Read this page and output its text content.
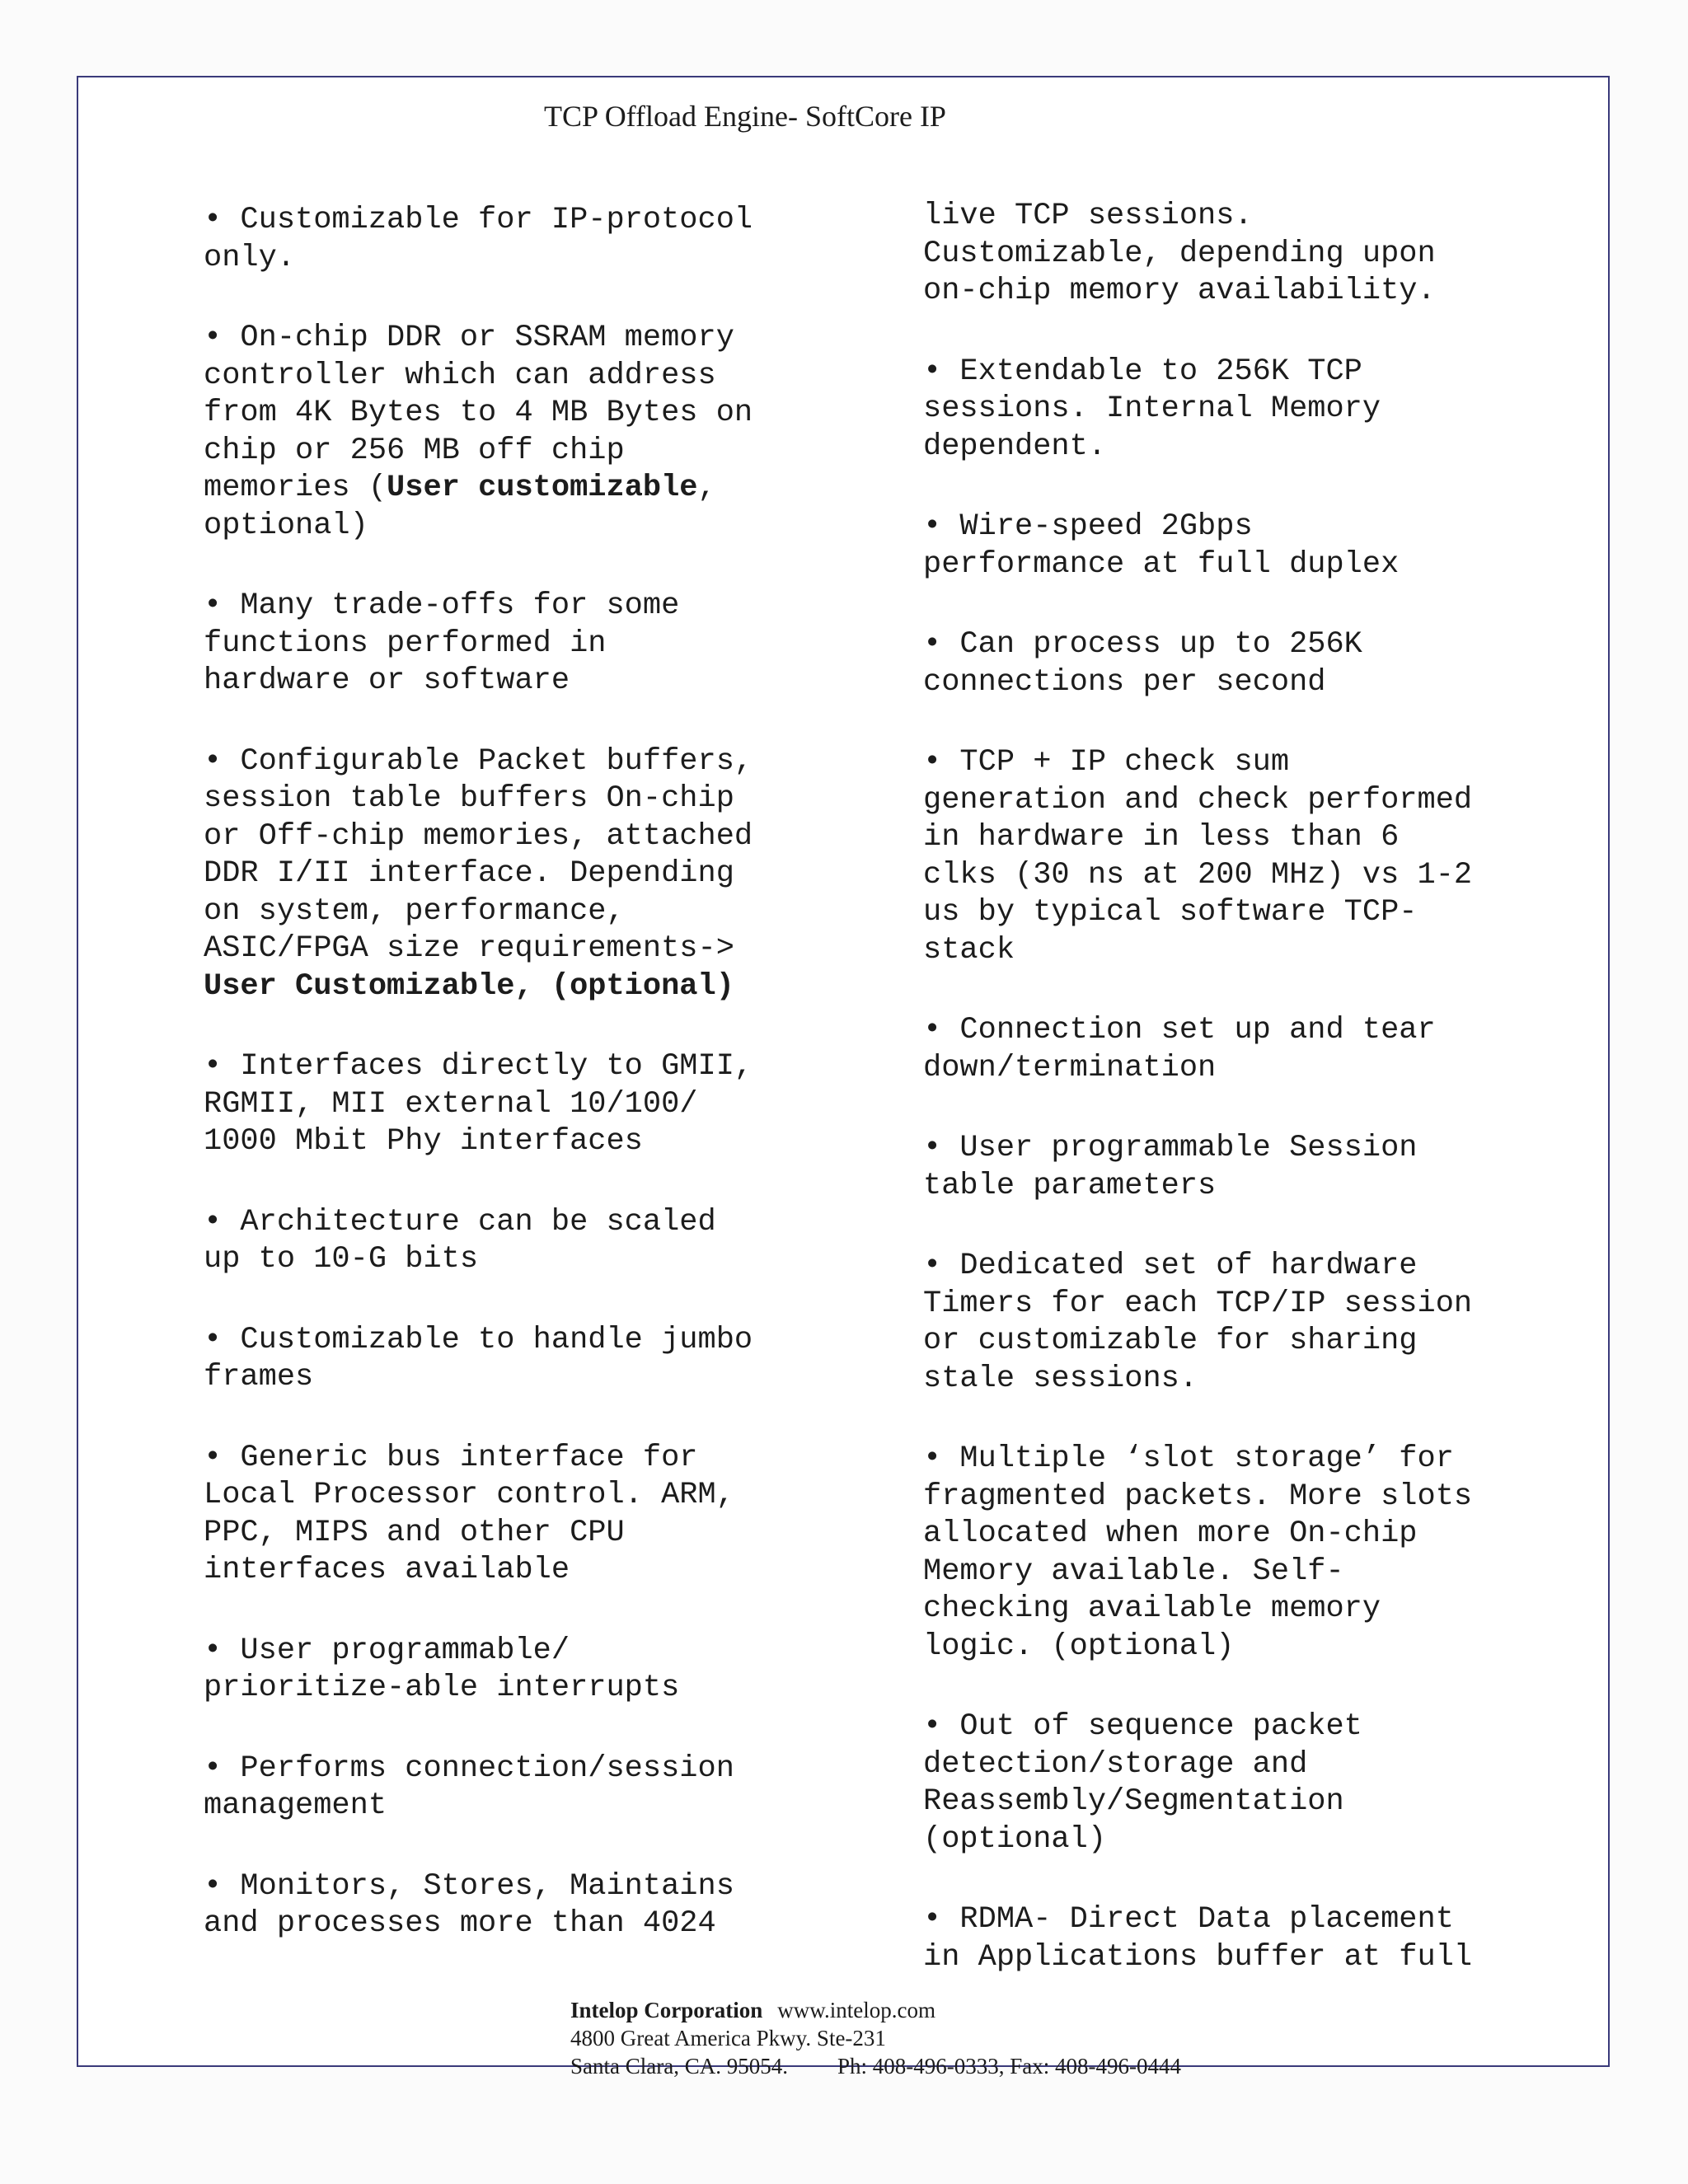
TCP Offload Engine- SoftCore IP
• Customizable for IP-protocol
only.
• On-chip DDR or SSRAM memory
controller which can address
from 4K Bytes to 4 MB Bytes on
chip or 256 MB off chip
memories (User customizable,
optional)
• Many trade-offs for some
functions performed in
hardware or software
• Configurable Packet buffers,
session table buffers On-chip
or Off-chip memories, attached
DDR I/II interface. Depending
on system, performance,
ASIC/FPGA size requirements->
User Customizable, (optional)
• Interfaces directly to GMII,
RGMII, MII external 10/100/
1000 Mbit Phy interfaces
• Architecture can be scaled
up to 10-G bits
• Customizable to handle jumbo
frames
• Generic bus interface for
Local Processor control. ARM,
PPC, MIPS and other CPU
interfaces available
• User programmable/
prioritize-able interrupts
• Performs connection/session
management
• Monitors, Stores, Maintains
and processes more than 4024
live TCP sessions.
Customizable, depending upon
on-chip memory availability.
• Extendable to 256K TCP
sessions. Internal Memory
dependent.
• Wire-speed 2Gbps
performance at full duplex
• Can process up to 256K
connections per second
• TCP + IP check sum
generation and check performed
in hardware in less than 6
clks (30 ns at 200 MHz) vs 1-2
us by typical software TCP-
stack
• Connection set up and tear
down/termination
• User programmable Session
table parameters
• Dedicated set of hardware
Timers for each TCP/IP session
or customizable for sharing
stale sessions.
• Multiple ‘slot storage’ for
fragmented packets. More slots
allocated when more On-chip
Memory available. Self-
checking available memory
logic. (optional)
• Out of sequence packet
detection/storage and
Reassembly/Segmentation
(optional)
• RDMA- Direct Data placement
in Applications buffer at full
Intelop Corporation www.intelop.com
4800 Great America Pkwy. Ste-231
Santa Clara, CA. 95054. Ph: 408-496-0333, Fax: 408-496-0444
